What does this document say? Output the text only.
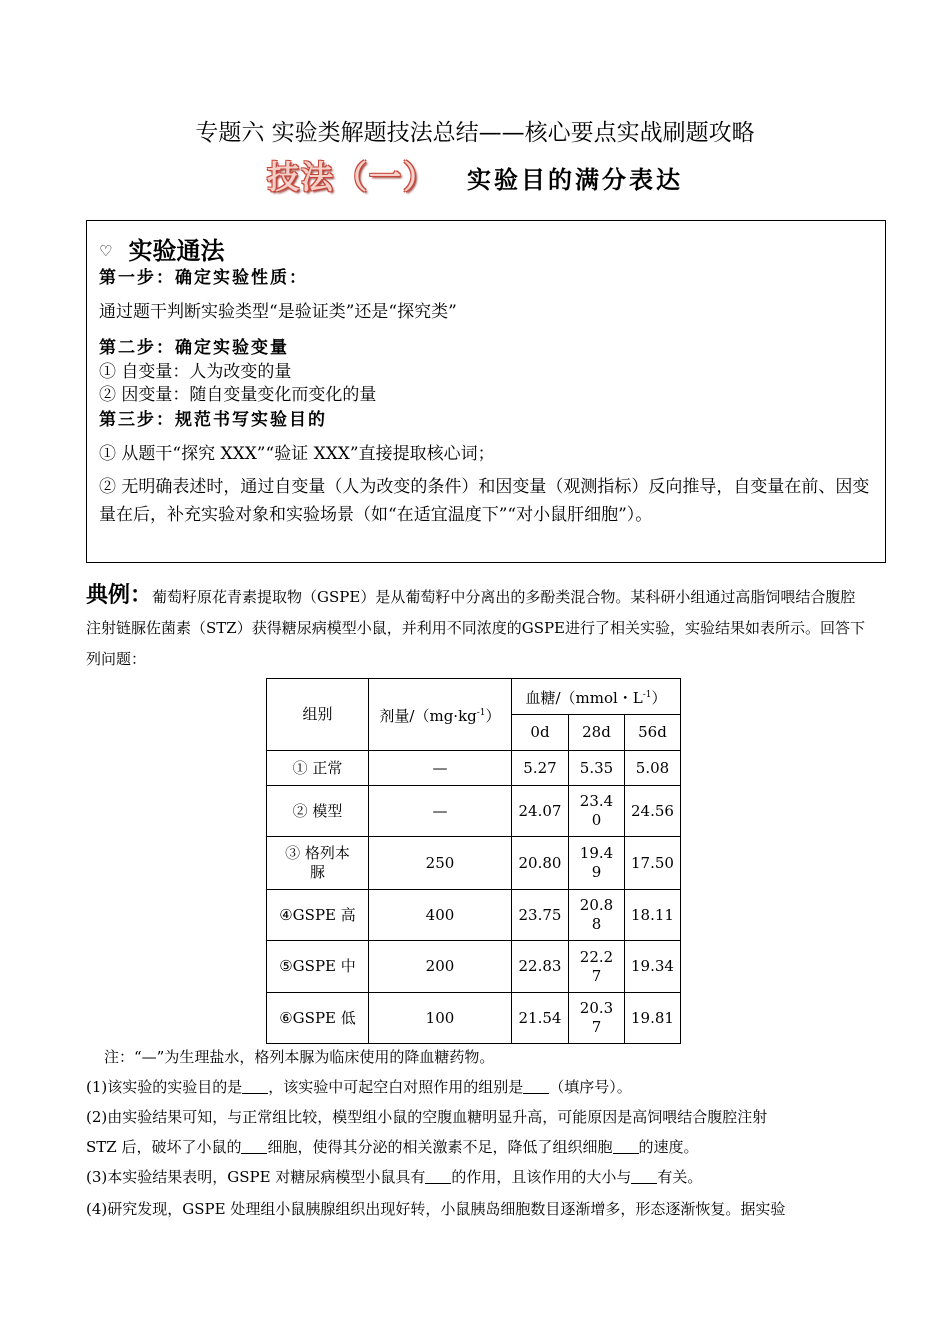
专题六 实验类解题技法总结——核心要点实战刷题攻略
技法（一） 实验目的满分表达
♡ 实验通法
第一步：确定实验性质：
通过题干判断实验类型“是验证类”还是“探究类”
第二步：确定实验变量
① 自变量：人为改变的量
② 因变量：随自变量变化而变化的量
第三步：规范书写实验目的
① 从题干“探究 XXX”“验证 XXX”直接提取核心词；
② 无明确表述时，通过自变量（人为改变的条件）和因变量（观测指标）反向推导，自变量在前、因变量在后，补充实验对象和实验场景（如“在适宜温度下”“对小鼠肝细胞”）。
典例：葡萄籽原花青素提取物（GSPE）是从葡萄籽中分离出的多酚类混合物。某科研小组通过高脂饲喂结合腹腔注射链脲佐菌素（STZ）获得糖尿病模型小鼠，并利用不同浓度的GSPE进行了相关实验，实验结果如表所示。回答下列问题：
组别	剂量$/(mg\cdot kg^{-1})$	血糖/（mmol・$L^{-1}$）		
		0d	28d	56d
① 正常	—	5.27	5.35	5.08
② 模型	—	24.07	23.40	24.56
③ 格列本脲	250	20.80	19.49	17.50
④GSPE 高	400	23.75	20.88	18.11
⑤GSPE 中	200	22.83	22.27	19.34
⑥GSPE 低	100	21.54	20.37	19.81
注：“—”为生理盐水，格列本脲为临床使用的降血糖药物。
(1)该实验的实验目的是 ，该实验中可起空白对照作用的组别是 （填序号）。
(2)由实验结果可知，与正常组比较，模型组小鼠的空腹血糖明显升高，可能原因是高饲喂结合腹腔注射
STZ 后，破坏了小鼠的 细胞，使得其分泌的相关激素不足，降低了组织细胞 的速度。
(3)本实验结果表明，GSPE 对糖尿病模型小鼠具有 的作用，且该作用的大小与 有关。
(4)研究发现，GSPE 处理组小鼠胰腺组织出现好转，小鼠胰岛细胞数目逐渐增多，形态逐渐恢复。据实验
